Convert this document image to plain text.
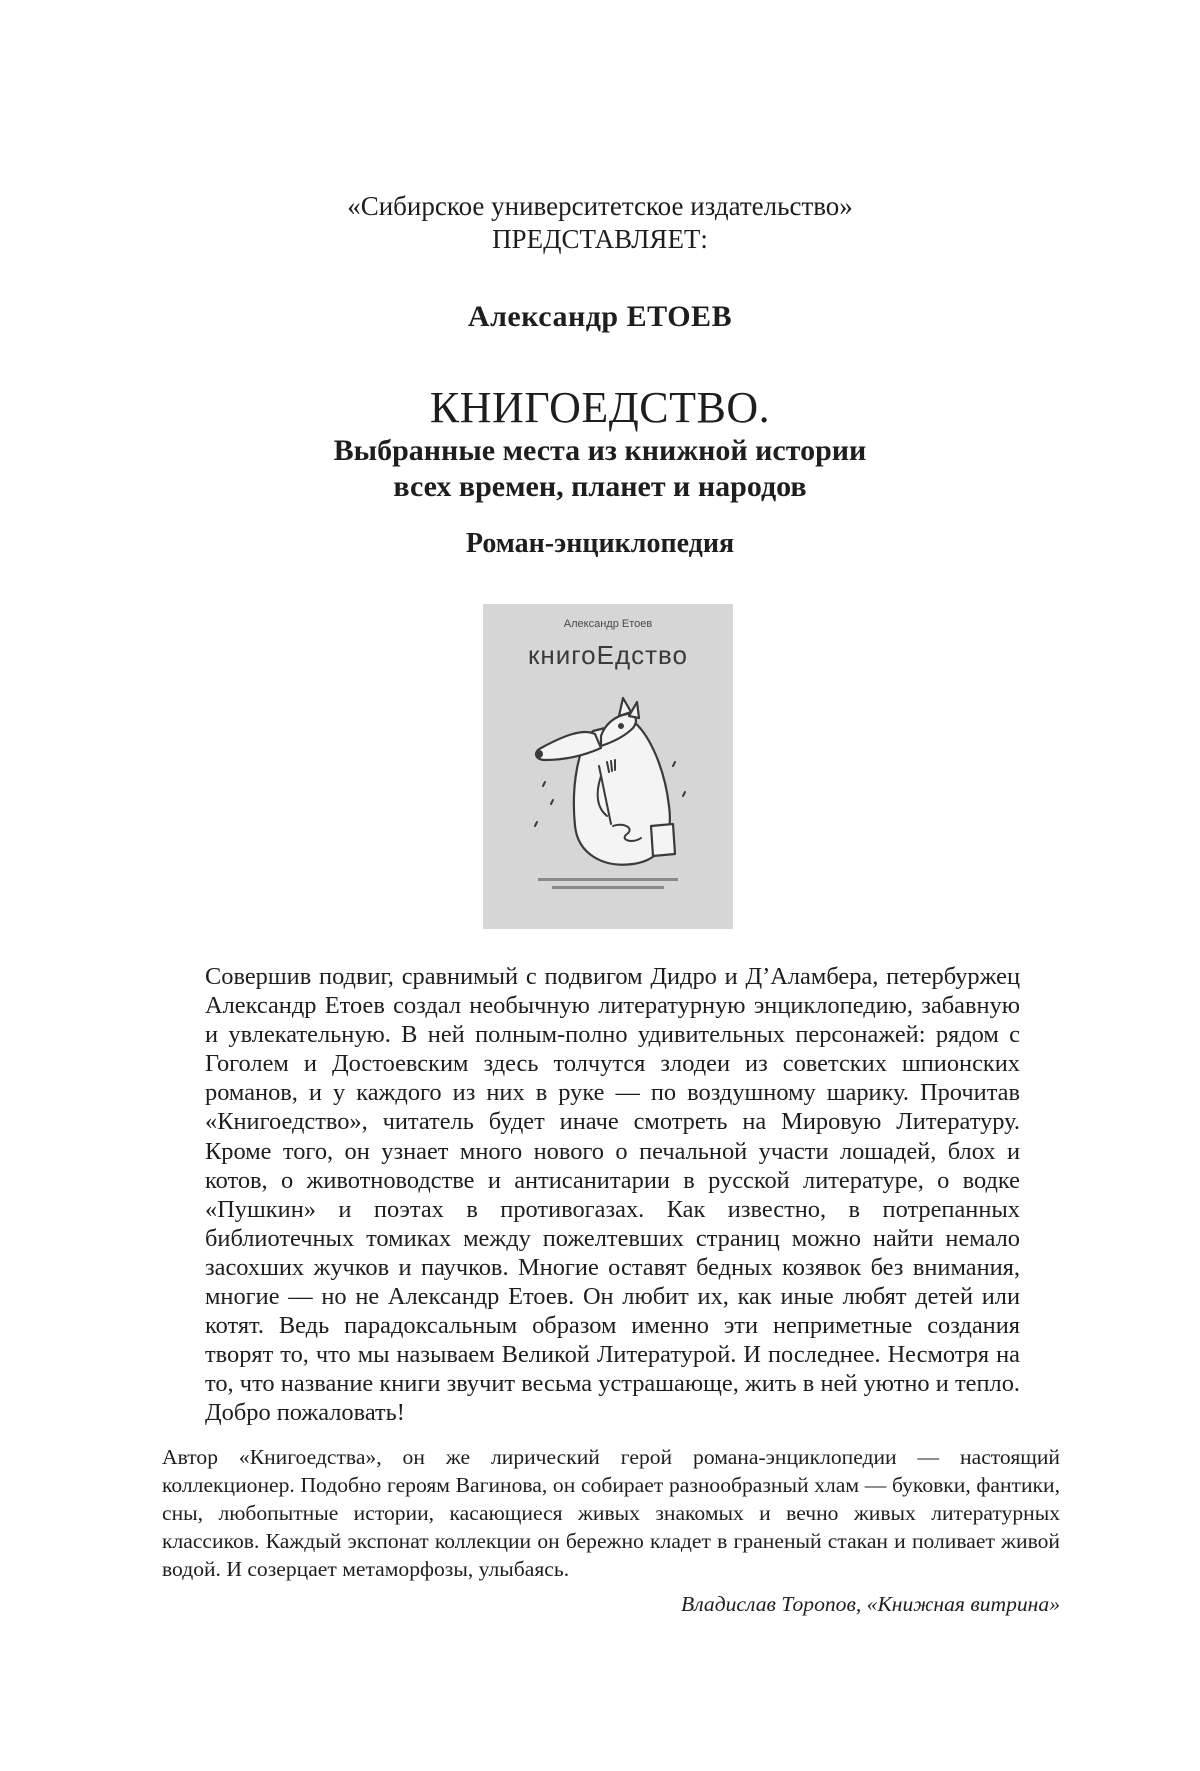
«Сибирское университетское издательство»
ПРЕДСТАВЛЯЕТ:
Александр ЕТОЕВ
КНИГОЕДСТВО.
Выбранные места из книжной истории
всех времен, планет и народов
Роман-энциклопедия
Александр Етоев
книгоЕдство
Совершив подвиг, сравнимый с подвигом Дидро и Д’Аламбера, петербуржец Александр Етоев создал необычную литературную энциклопедию, забавную и увлекательную. В ней полным-полно удивительных персонажей: рядом с Гоголем и Достоевским здесь толчутся злодеи из советских шпионских романов, и у каждого из них в руке — по воздушному шарику. Прочитав «Книгоедство», читатель будет иначе смотреть на Мировую Литературу. Кроме того, он узнает много нового о печальной участи лошадей, блох и котов, о животноводстве и антисанитарии в русской литературе, о водке «Пушкин» и поэтах в противогазах. Как известно, в потрепанных библиотечных томиках между пожелтевших страниц можно найти немало засохших жучков и паучков. Многие оставят бедных козявок без внимания, многие — но не Александр Етоев. Он любит их, как иные любят детей или котят. Ведь парадоксальным образом именно эти неприметные создания творят то, что мы называем Великой Литературой. И последнее. Несмотря на то, что название книги звучит весьма устрашающе, жить в ней уютно и тепло. Добро пожаловать!
Автор «Книгоедства», он же лирический герой романа-энциклопедии — настоящий коллекционер. Подобно героям Вагинова, он собирает разнообразный хлам — буковки, фантики, сны, любопытные истории, касающиеся живых знакомых и вечно живых литературных классиков. Каждый экспонат коллекции он бережно кладет в граненый стакан и поливает живой водой. И созерцает метаморфозы, улыбаясь.
Владислав Торопов, «Книжная витрина»
